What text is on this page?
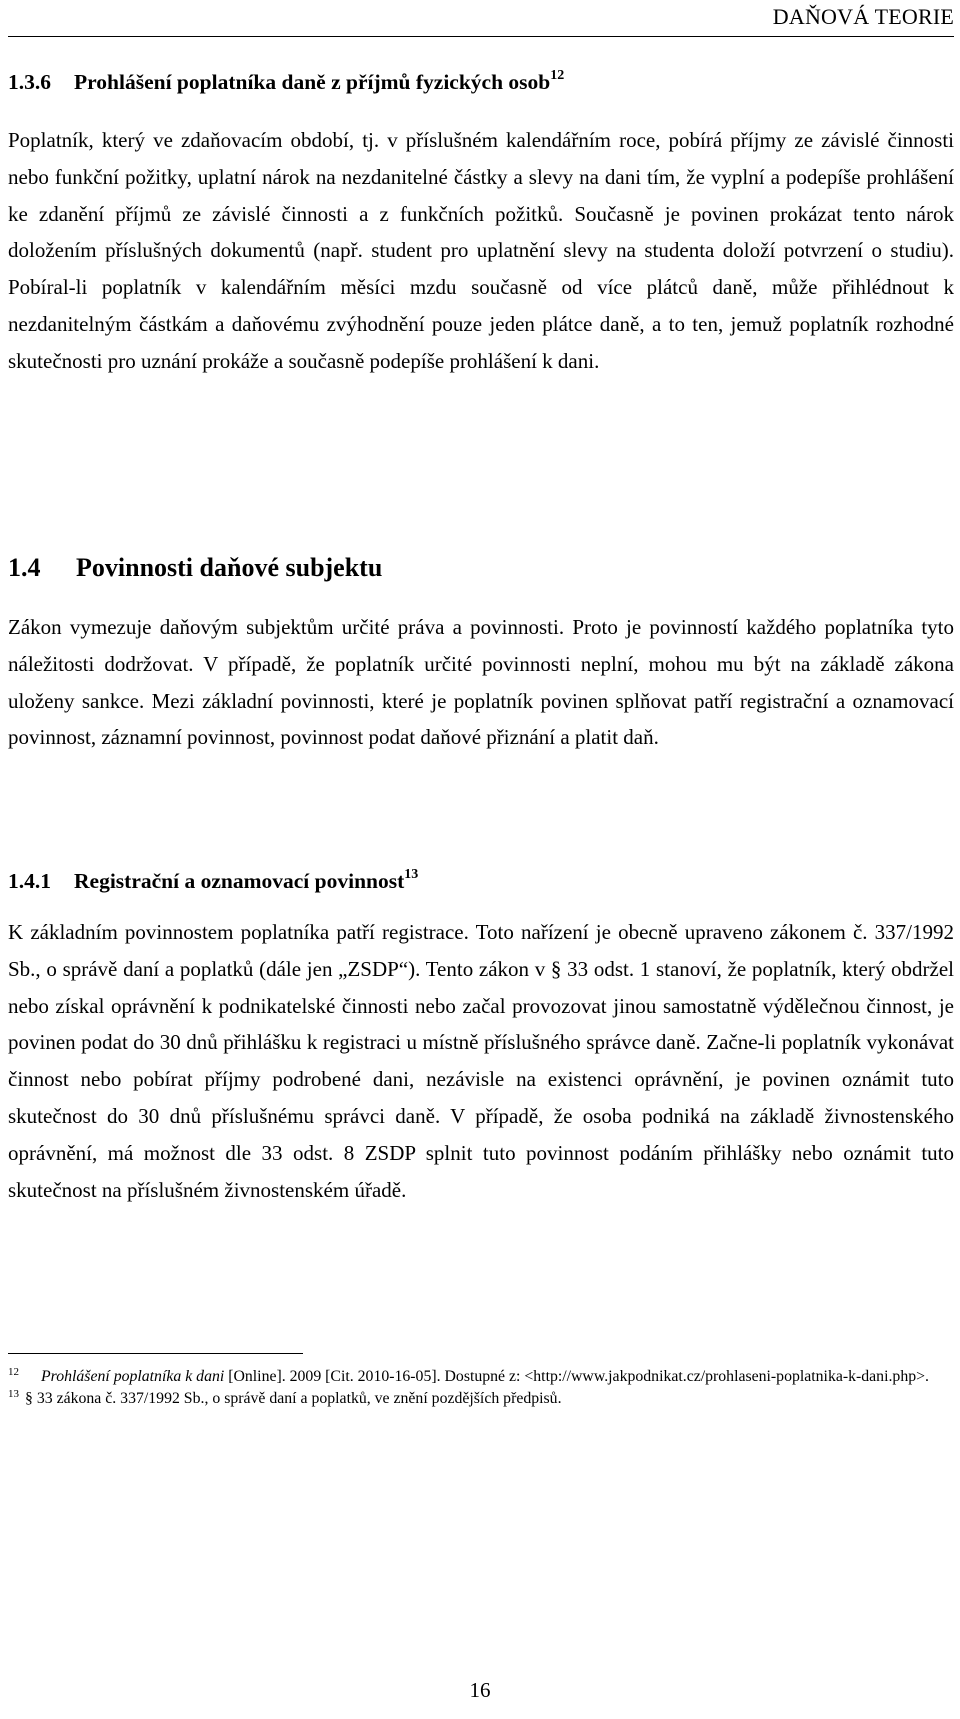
DAŇOVÁ TEORIE
1.3.6 Prohlášení poplatníka daně z příjmů fyzických osob$^{12}$

Poplatník, který ve zdaňovacím období, tj. v příslušném kalendářním roce, pobírá příjmy ze závislé činnosti nebo funkční požitky, uplatní nárok na nezdanitelné částky a slevy na dani tím, že vyplní a podepíše prohlášení ke zdanění příjmů ze závislé činnosti a z funkčních požitků. Současně je povinen prokázat tento nárok doložením příslušných dokumentů (např. student pro uplatnění slevy na studenta doloží potvrzení o studiu). Pobíral-li poplatník v kalendářním měsíci mzdu současně od více plátců daně, může přihlédnout k nezdanitelným částkám a daňovému zvýhodnění pouze jeden plátce daně, a to ten, jemuž poplatník rozhodné skutečnosti pro uznání prokáže a současně podepíše prohlášení k dani.

1.4 Povinnosti daňové subjektu

Zákon vymezuje daňovým subjektům určité práva a povinnosti. Proto je povinností každého poplatníka tyto náležitosti dodržovat. V případě, že poplatník určité povinnosti neplní, mohou mu být na základě zákona uloženy sankce. Mezi základní povinnosti, které je poplatník povinen splňovat patří registrační a oznamovací povinnost, záznamní povinnost, povinnost podat daňové přiznání a platit daň.

1.4.1 Registrační a oznamovací povinnost$^{13}$

K základním povinnostem poplatníka patří registrace. Toto nařízení je obecně upraveno zákonem č. 337/1992 Sb., o správě daní a poplatků (dále jen „ZSDP“). Tento zákon v § 33 odst. 1 stanoví, že poplatník, který obdržel nebo získal oprávnění k podnikatelské činnosti nebo začal provozovat jinou samostatně výdělečnou činnost, je povinen podat do 30 dnů přihlášku k registraci u místně příslušného správce daně. Začne-li poplatník vykonávat činnost nebo pobírat příjmy podrobené dani, nezávisle na existenci oprávnění, je povinen oznámit tuto skutečnost do 30 dnů příslušnému správci daně. V případě, že osoba podniká na základě živnostenského oprávnění, má možnost dle 33 odst. 8 ZSDP splnit tuto povinnost podáním přihlášky nebo oznámit tuto skutečnost na příslušném živnostenském úřadě.

$^{12}$ Prohlášení poplatníka k dani [Online]. 2009 [Cit. 2010-16-05]. Dostupné z: <http://www.jakpodnikat.cz/prohlaseni-poplatnika-k-dani.php>.

$^{13}$ § 33 zákona č. 337/1992 Sb., o správě daní a poplatků, ve znění pozdějších předpisů.

16
